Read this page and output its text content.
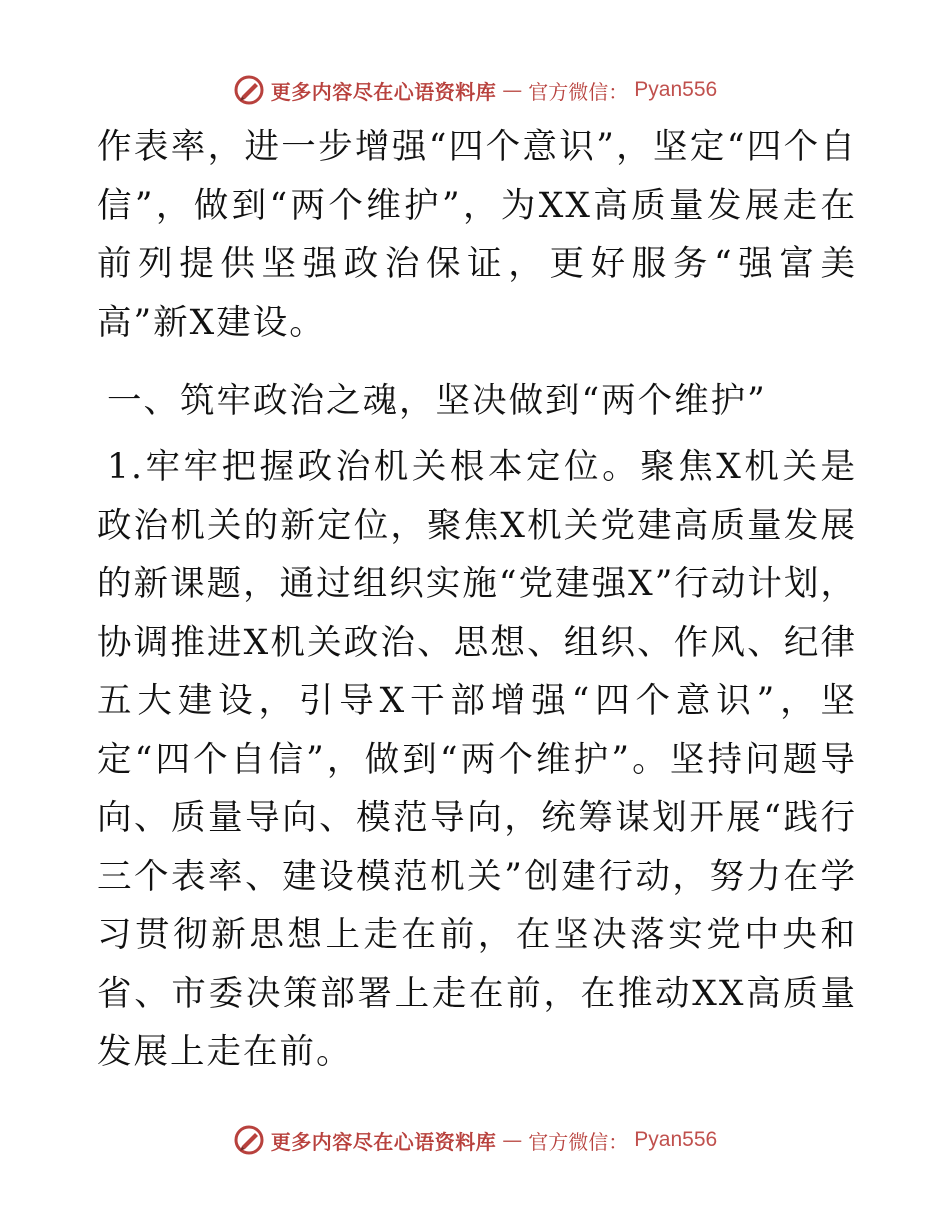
更多内容尽在心语资料库 — 官方微信： Pyan556

作表率，进一步增强“四个意识”，坚定“四个自信”，做到“两个维护”，为XX高质量发展走在前列提供坚强政治保证，更好服务“强富美高”新X建设。

一、筑牢政治之魂，坚决做到“两个维护”

1.牢牢把握政治机关根本定位。聚焦X机关是政治机关的新定位，聚焦X机关党建高质量发展的新课题，通过组织实施“党建强X”行动计划，协调推进X机关政治、思想、组织、作风、纪律五大建设，引导X干部增强“四个意识”，坚定“四个自信”，做到“两个维护”。坚持问题导向、质量导向、模范导向，统筹谋划开展“践行三个表率、建设模范机关”创建行动，努力在学习贯彻新思想上走在前，在坚决落实党中央和省、市委决策部署上走在前，在推动XX高质量发展上走在前。

更多内容尽在心语资料库 — 官方微信： Pyan556
